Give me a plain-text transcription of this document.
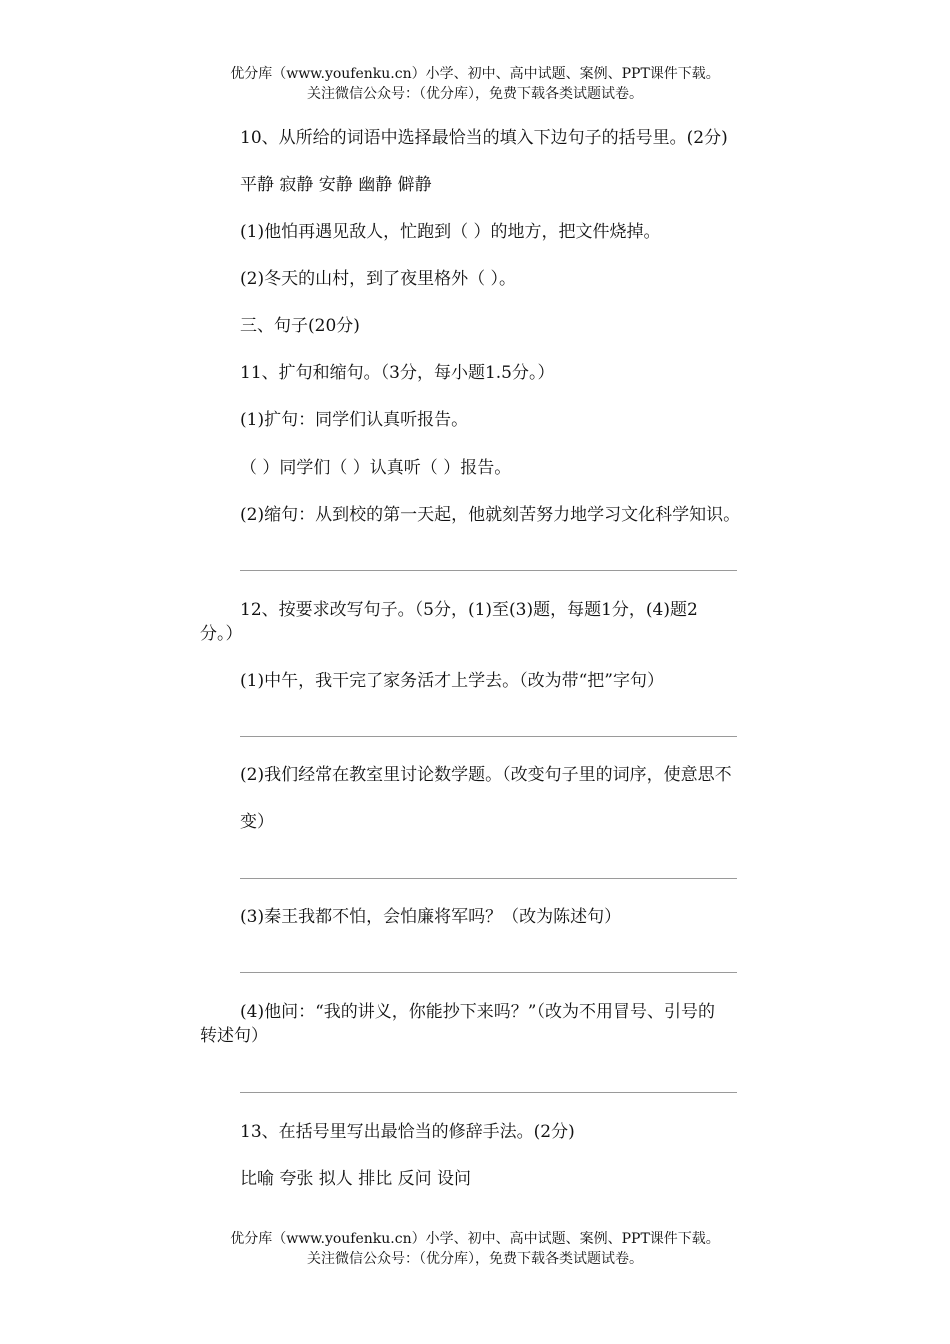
优分库（www.youfenku.cn）小学、初中、高中试题、案例、PPT课件下载。
关注微信公众号：（优分库），免费下载各类试题试卷。
10、从所给的词语中选择最恰当的填入下边句子的括号里。(2分)
平静 寂静 安静 幽静 僻静
(1)他怕再遇见敌人，忙跑到（ ）的地方，把文件烧掉。
(2)冬天的山村，到了夜里格外（ ）。
三、句子(20分)
11、扩句和缩句。（3分，每小题1.5分。）
(1)扩句：同学们认真听报告。
（ ）同学们（ ）认真听（ ）报告。
(2)缩句：从到校的第一天起，他就刻苦努力地学习文化科学知识。
12、按要求改写句子。（5分，(1)至(3)题，每题1分，(4)题2
分。）
(1)中午，我干完了家务活才上学去。（改为带“把”字句）
(2)我们经常在教室里讨论数学题。（改变句子里的词序，使意思不
变）
(3)秦王我都不怕，会怕廉将军吗？（改为陈述句）
(4)他问：“我的讲义，你能抄下来吗？”（改为不用冒号、引号的
转述句）
13、在括号里写出最恰当的修辞手法。(2分)
比喻 夸张 拟人 排比 反问 设问
优分库（www.youfenku.cn）小学、初中、高中试题、案例、PPT课件下载。
关注微信公众号：（优分库），免费下载各类试题试卷。
